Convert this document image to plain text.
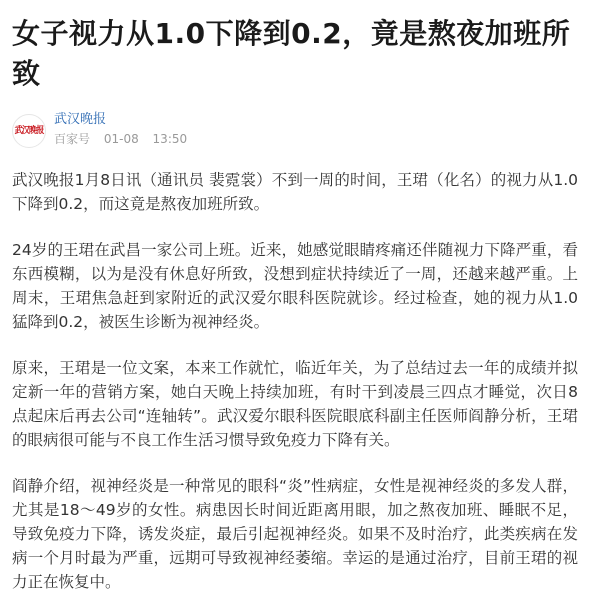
女子视力从1.0下降到0.2，竟是熬夜加班所致
武汉晚报
武汉晚报
百家号 01-08 13:50

武汉晚报1月8日讯（通讯员 裴霓裳）不到一周的时间，王珺（化名）的视力从1.0下降到0.2，而这竟是熬夜加班所致。

24岁的王珺在武昌一家公司上班。近来，她感觉眼睛疼痛还伴随视力下降严重，看东西模糊，以为是没有休息好所致，没想到症状持续近了一周，还越来越严重。上周末，王珺焦急赶到家附近的武汉爱尔眼科医院就诊。经过检查，她的视力从1.0猛降到0.2，被医生诊断为视神经炎。

原来，王珺是一位文案，本来工作就忙，临近年关，为了总结过去一年的成绩并拟定新一年的营销方案，她白天晚上持续加班，有时干到凌晨三四点才睡觉，次日8点起床后再去公司“连轴转”。武汉爱尔眼科医院眼底科副主任医师阎静分析，王珺的眼病很可能与不良工作生活习惯导致免疫力下降有关。

阎静介绍，视神经炎是一种常见的眼科“炎”性病症，女性是视神经炎的多发人群，尤其是18～49岁的女性。病患因长时间近距离用眼，加之熬夜加班、睡眠不足，导致免疫力下降，诱发炎症，最后引起视神经炎。如果不及时治疗，此类疾病在发病一个月时最为严重，远期可导致视神经萎缩。幸运的是通过治疗，目前王珺的视力正在恢复中。
